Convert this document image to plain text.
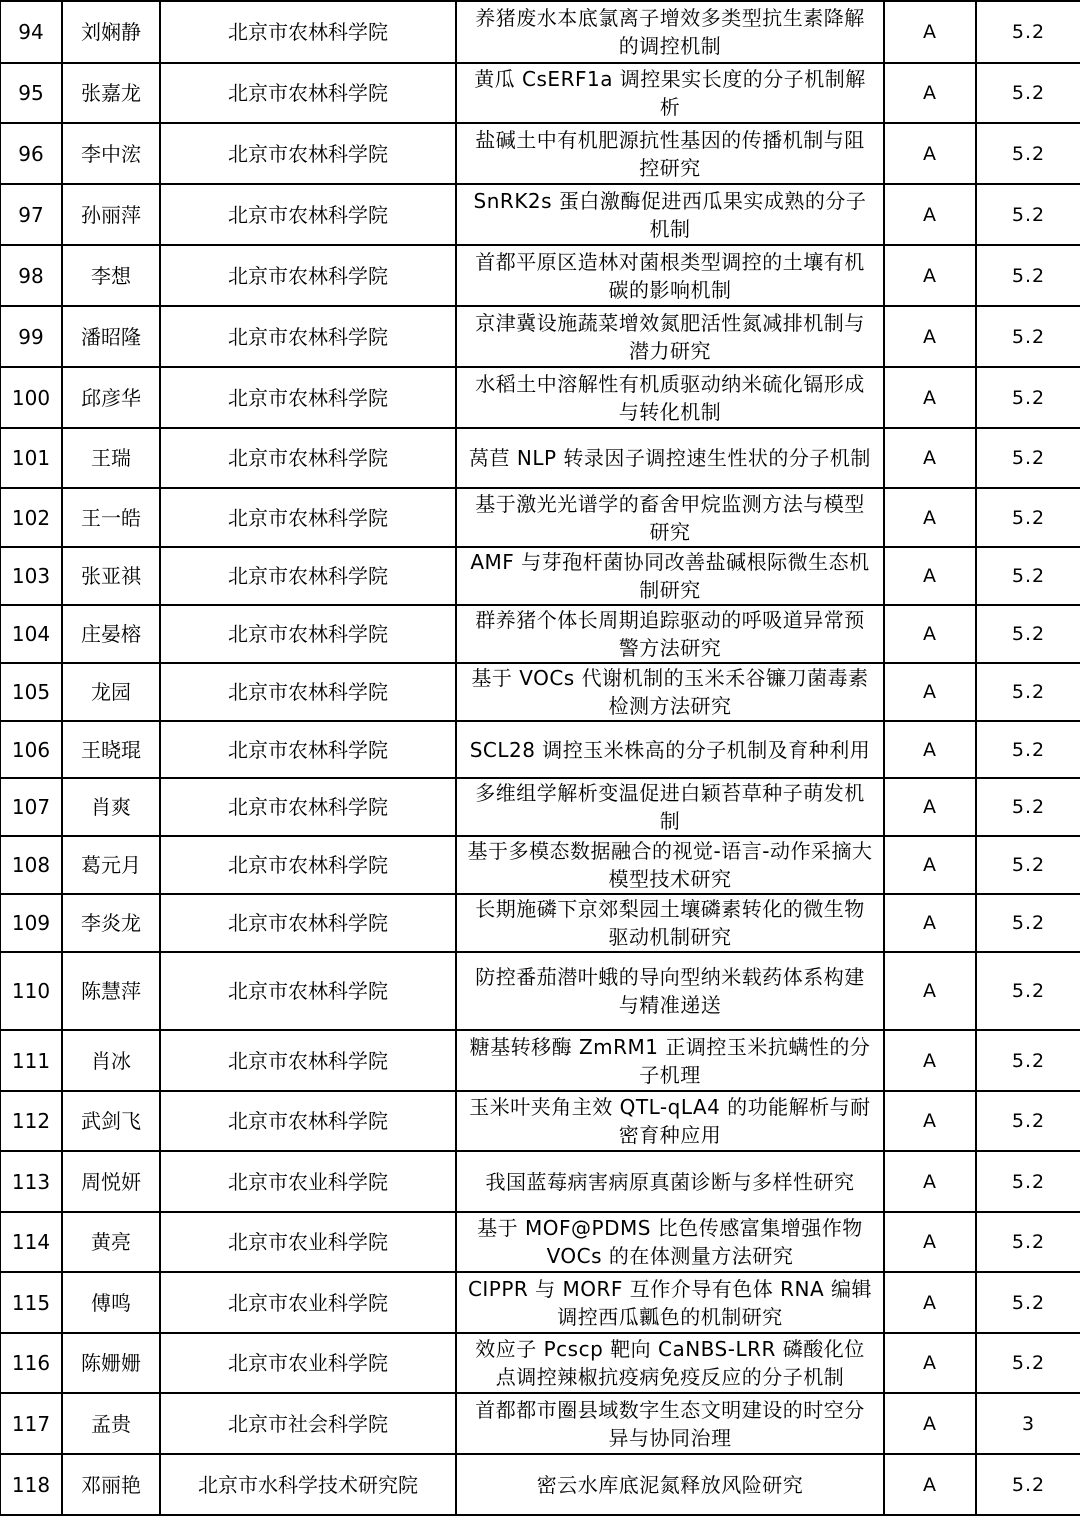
94	刘娴静	北京市农林科学院	养猪废水本底氯离子增效多类型抗生素降解的调控机制	A	5.2
95	张嘉龙	北京市农林科学院	黄瓜 CsERF1a 调控果实长度的分子机制解析	A	5.2
96	李中浤	北京市农林科学院	盐碱土中有机肥源抗性基因的传播机制与阻控研究	A	5.2
97	孙丽萍	北京市农林科学院	SnRK2s 蛋白激酶促进西瓜果实成熟的分子机制	A	5.2
98	李想	北京市农林科学院	首都平原区造林对菌根类型调控的土壤有机碳的影响机制	A	5.2
99	潘昭隆	北京市农林科学院	京津冀设施蔬菜增效氮肥活性氮减排机制与潜力研究	A	5.2
100	邱彦华	北京市农林科学院	水稻土中溶解性有机质驱动纳米硫化镉形成与转化机制	A	5.2
101	王瑞	北京市农林科学院	莴苣 NLP 转录因子调控速生性状的分子机制	A	5.2
102	王一皓	北京市农林科学院	基于激光光谱学的畜舍甲烷监测方法与模型研究	A	5.2
103	张亚祺	北京市农林科学院	AMF 与芽孢杆菌协同改善盐碱根际微生态机制研究	A	5.2
104	庄晏榕	北京市农林科学院	群养猪个体长周期追踪驱动的呼吸道异常预警方法研究	A	5.2
105	龙园	北京市农林科学院	基于 VOCs 代谢机制的玉米禾谷镰刀菌毒素检测方法研究	A	5.2
106	王晓琨	北京市农林科学院	SCL28 调控玉米株高的分子机制及育种利用	A	5.2
107	肖爽	北京市农林科学院	多维组学解析变温促进白颖苔草种子萌发机制	A	5.2
108	葛元月	北京市农林科学院	基于多模态数据融合的视觉-语言-动作采摘大模型技术研究	A	5.2
109	李炎龙	北京市农林科学院	长期施磷下京郊梨园土壤磷素转化的微生物驱动机制研究	A	5.2
110	陈慧萍	北京市农林科学院	防控番茄潜叶蛾的导向型纳米载药体系构建与精准递送	A	5.2
111	肖冰	北京市农林科学院	糖基转移酶 ZmRM1 正调控玉米抗螨性的分子机理	A	5.2
112	武剑飞	北京市农林科学院	玉米叶夹角主效 QTL-qLA4 的功能解析与耐密育种应用	A	5.2
113	周悦妍	北京市农业科学院	我国蓝莓病害病原真菌诊断与多样性研究	A	5.2
114	黄亮	北京市农业科学院	基于 MOF@PDMS 比色传感富集增强作物 VOCs 的在体测量方法研究	A	5.2
115	傅鸣	北京市农业科学院	CIPPR 与 MORF 互作介导有色体 RNA 编辑调控西瓜瓤色的机制研究	A	5.2
116	陈姗姗	北京市农业科学院	效应子 Pcscp 靶向 CaNBS-LRR 磷酸化位点调控辣椒抗疫病免疫反应的分子机制	A	5.2
117	孟贵	北京市社会科学院	首都都市圈县域数字生态文明建设的时空分异与协同治理	A	3
118	邓丽艳	北京市水科学技术研究院	密云水库底泥氮释放风险研究	A	5.2
